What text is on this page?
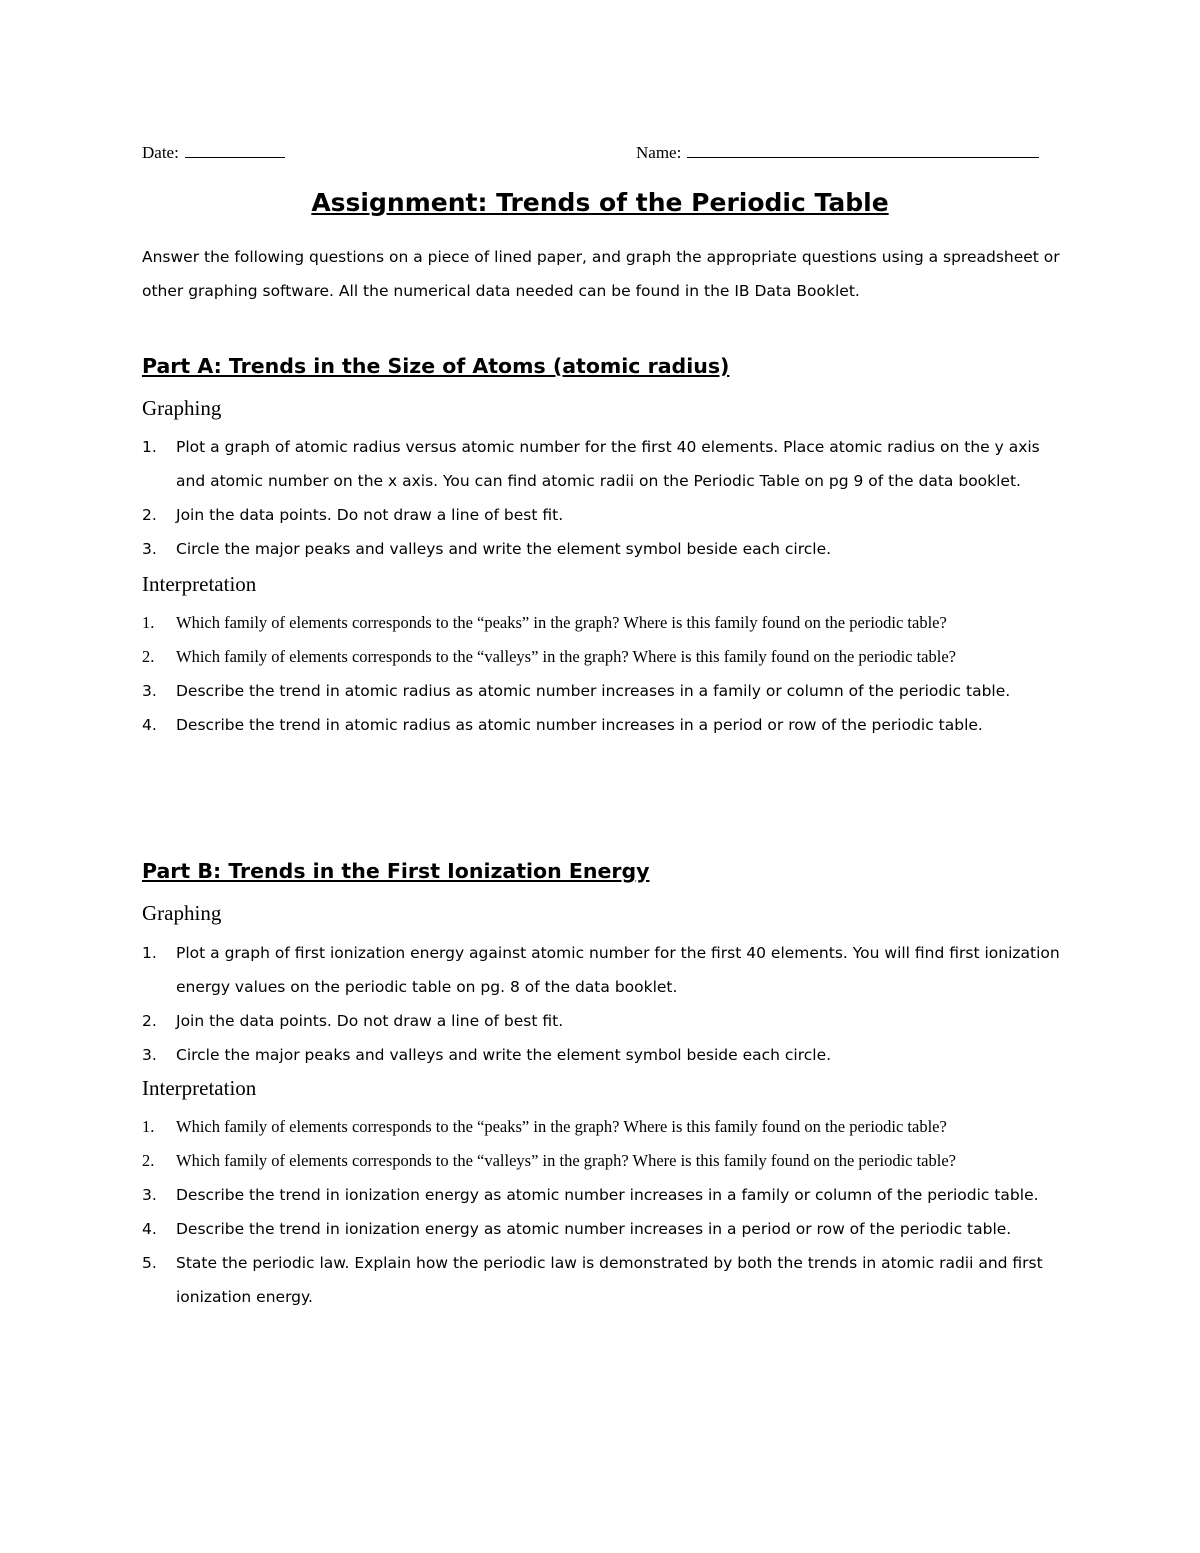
Date:	Name:
Assignment: Trends of the Periodic Table
Answer the following questions on a piece of lined paper, and graph the appropriate questions using a spreadsheet or other graphing software. All the numerical data needed can be found in the IB Data Booklet.
Part A: Trends in the Size of Atoms (atomic radius)
Graphing
1. Plot a graph of atomic radius versus atomic number for the first 40 elements. Place atomic radius on the y axis and atomic number on the x axis. You can find atomic radii on the Periodic Table on pg 9 of the data booklet.
2. Join the data points. Do not draw a line of best fit.
3. Circle the major peaks and valleys and write the element symbol beside each circle.
Interpretation
1. Which family of elements corresponds to the “peaks” in the graph? Where is this family found on the periodic table?
2. Which family of elements corresponds to the “valleys” in the graph? Where is this family found on the periodic table?
3. Describe the trend in atomic radius as atomic number increases in a family or column of the periodic table.
4. Describe the trend in atomic radius as atomic number increases in a period or row of the periodic table.
Part B: Trends in the First Ionization Energy
Graphing
1. Plot a graph of first ionization energy against atomic number for the first 40 elements. You will find first ionization energy values on the periodic table on pg. 8 of the data booklet.
2. Join the data points. Do not draw a line of best fit.
3. Circle the major peaks and valleys and write the element symbol beside each circle.
Interpretation
1. Which family of elements corresponds to the “peaks” in the graph? Where is this family found on the periodic table?
2. Which family of elements corresponds to the “valleys” in the graph? Where is this family found on the periodic table?
3. Describe the trend in ionization energy as atomic number increases in a family or column of the periodic table.
4. Describe the trend in ionization energy as atomic number increases in a period or row of the periodic table.
5. State the periodic law. Explain how the periodic law is demonstrated by both the trends in atomic radii and first ionization energy.
